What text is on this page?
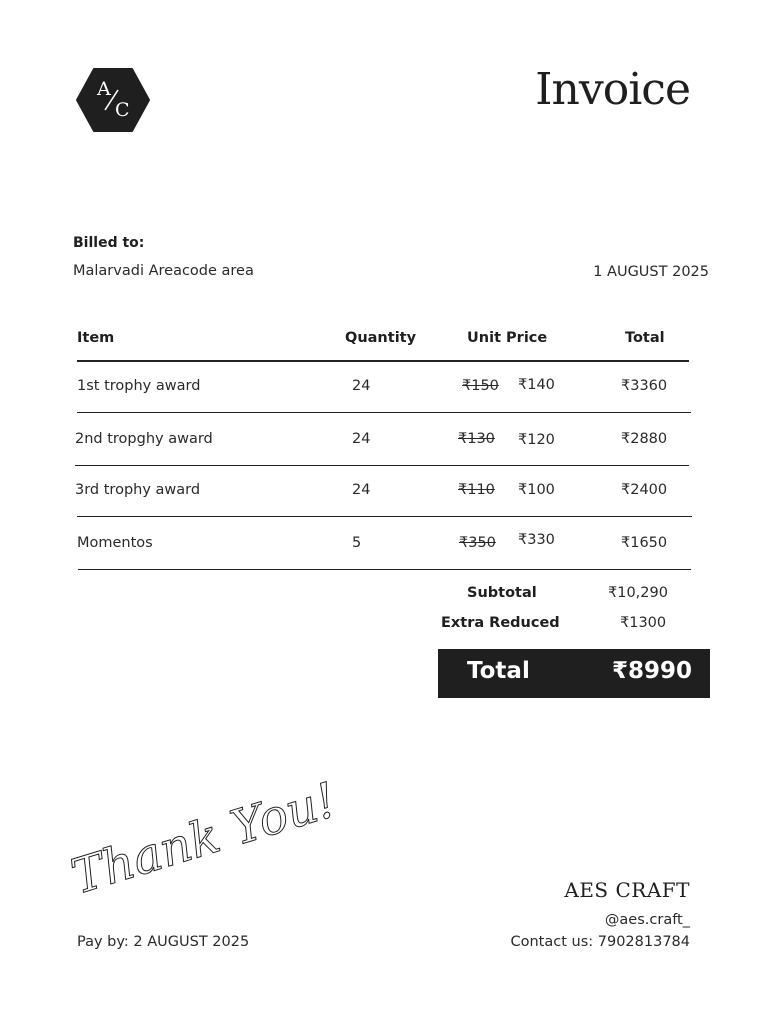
A
C	Invoice
Billed to:
Malarvadi Areacode area	1 AUGUST 2025
Item	Quantity	Unit Price	Total
1st trophy award	24	₹150 ₹140	₹3360
2nd tropghy award	24	₹130 ₹120	₹2880
3rd trophy award	24	₹110 ₹100	₹2400
Momentos	5	₹350 ₹330	₹1650
Subtotal	₹10,290
Extra Reduced	₹1300
Total	₹8990
Thank You!
Pay by: 2 AUGUST 2025
AES CRAFT
@aes.craft_
Contact us: 7902813784
